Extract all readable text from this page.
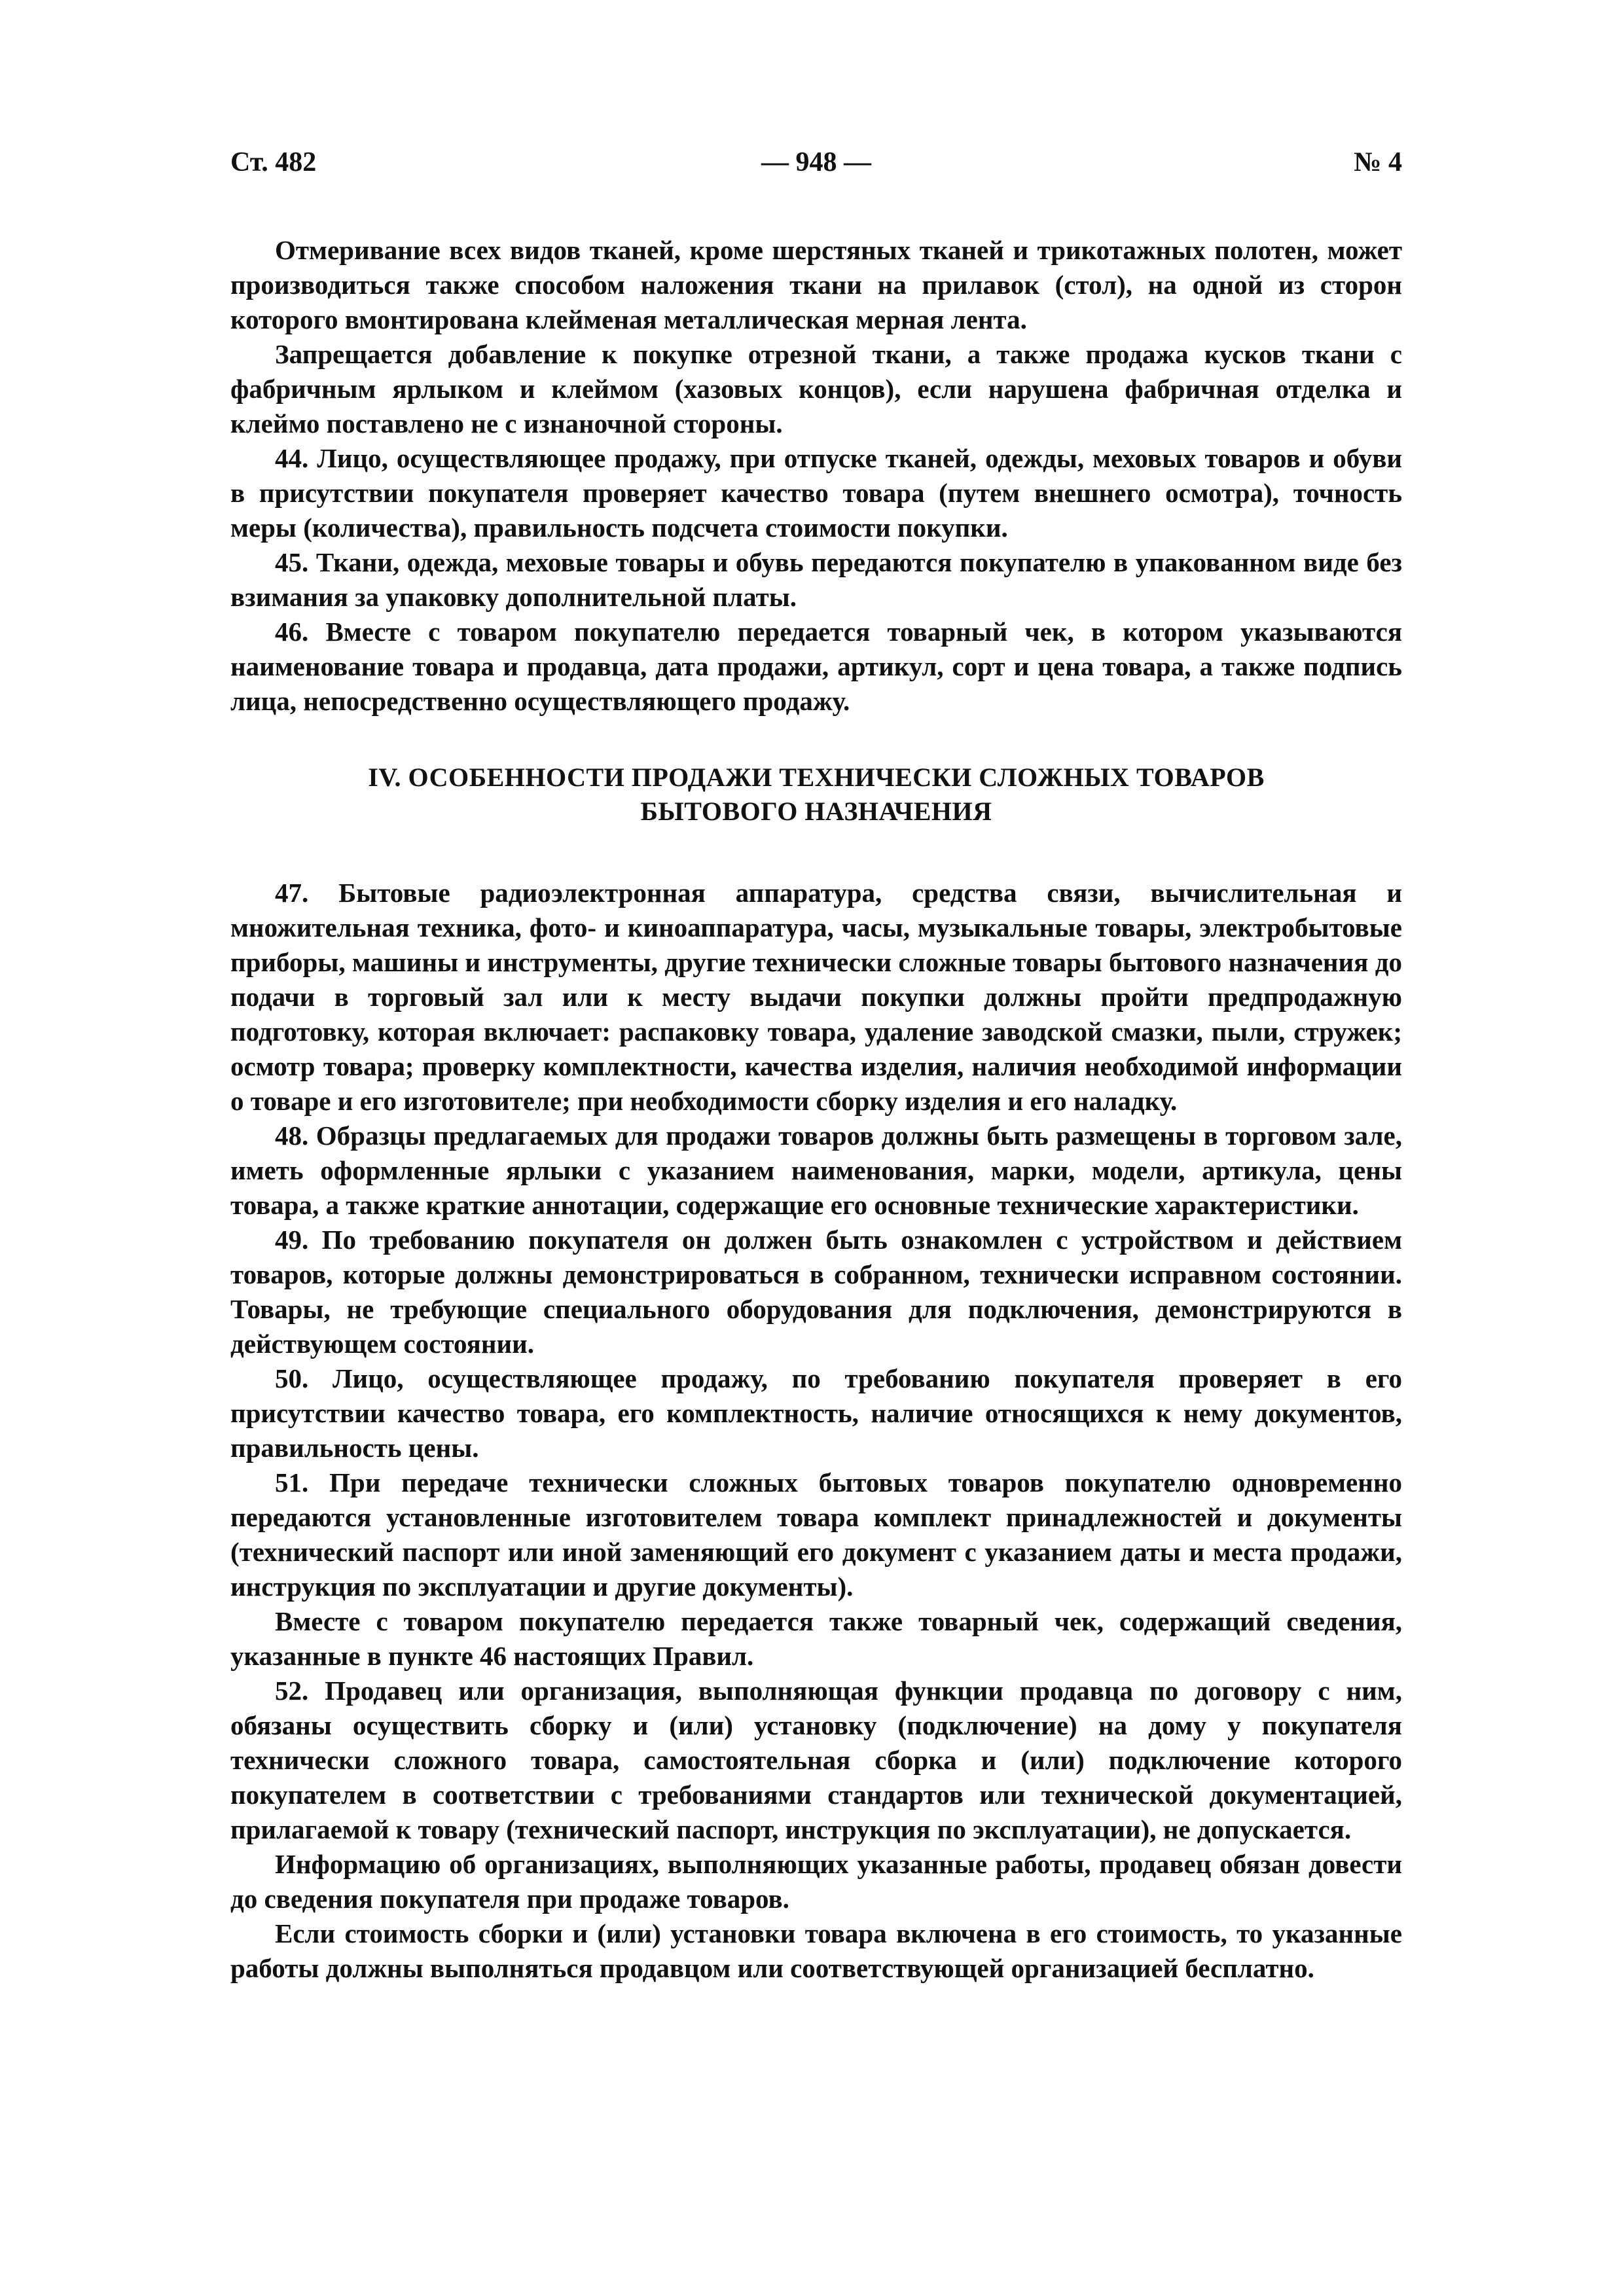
Ст. 482	— 948 —	№ 4

Отмеривание всех видов тканей, кроме шерстяных тканей и трикотажных полотен, может производиться также способом наложения ткани на прилавок (стол), на одной из сторон которого вмонтирована клейменая металлическая мерная лента.

Запрещается добавление к покупке отрезной ткани, а также продажа кусков ткани с фабричным ярлыком и клеймом (хазовых концов), если нарушена фабричная отделка и клеймо поставлено не с изнаночной стороны.

44. Лицо, осуществляющее продажу, при отпуске тканей, одежды, меховых товаров и обуви в присутствии покупателя проверяет качество товара (путем внешнего осмотра), точность меры (количества), правильность подсчета стоимости покупки.

45. Ткани, одежда, меховые товары и обувь передаются покупателю в упакованном виде без взимания за упаковку дополнительной платы.

46. Вместе с товаром покупателю передается товарный чек, в котором указываются наименование товара и продавца, дата продажи, артикул, сорт и цена товара, а также подпись лица, непосредственно осуществляющего продажу.

IV. ОСОБЕННОСТИ ПРОДАЖИ ТЕХНИЧЕСКИ СЛОЖНЫХ ТОВАРОВ
БЫТОВОГО НАЗНАЧЕНИЯ

47. Бытовые радиоэлектронная аппаратура, средства связи, вычислительная и множительная техника, фото- и киноаппаратура, часы, музыкальные товары, электробытовые приборы, машины и инструменты, другие технически сложные товары бытового назначения до подачи в торговый зал или к месту выдачи покупки должны пройти предпродажную подготовку, которая включает: распаковку товара, удаление заводской смазки, пыли, стружек; осмотр товара; проверку комплектности, качества изделия, наличия необходимой информации о товаре и его изготовителе; при необходимости сборку изделия и его наладку.

48. Образцы предлагаемых для продажи товаров должны быть размещены в торговом зале, иметь оформленные ярлыки с указанием наименования, марки, модели, артикула, цены товара, а также краткие аннотации, содержащие его основные технические характеристики.

49. По требованию покупателя он должен быть ознакомлен с устройством и действием товаров, которые должны демонстрироваться в собранном, технически исправном состоянии. Товары, не требующие специального оборудования для подключения, демонстрируются в действующем состоянии.

50. Лицо, осуществляющее продажу, по требованию покупателя проверяет в его присутствии качество товара, его комплектность, наличие относящихся к нему документов, правильность цены.

51. При передаче технически сложных бытовых товаров покупателю одновременно передаются установленные изготовителем товара комплект принадлежностей и документы (технический паспорт или иной заменяющий его документ с указанием даты и места продажи, инструкция по эксплуатации и другие документы).

Вместе с товаром покупателю передается также товарный чек, содержащий сведения, указанные в пункте 46 настоящих Правил.

52. Продавец или организация, выполняющая функции продавца по договору с ним, обязаны осуществить сборку и (или) установку (подключение) на дому у покупателя технически сложного товара, самостоятельная сборка и (или) подключение которого покупателем в соответствии с требованиями стандартов или технической документацией, прилагаемой к товару (технический паспорт, инструкция по эксплуатации), не допускается.

Информацию об организациях, выполняющих указанные работы, продавец обязан довести до сведения покупателя при продаже товаров.

Если стоимость сборки и (или) установки товара включена в его стоимость, то указанные работы должны выполняться продавцом или соответствующей организацией бесплатно.
